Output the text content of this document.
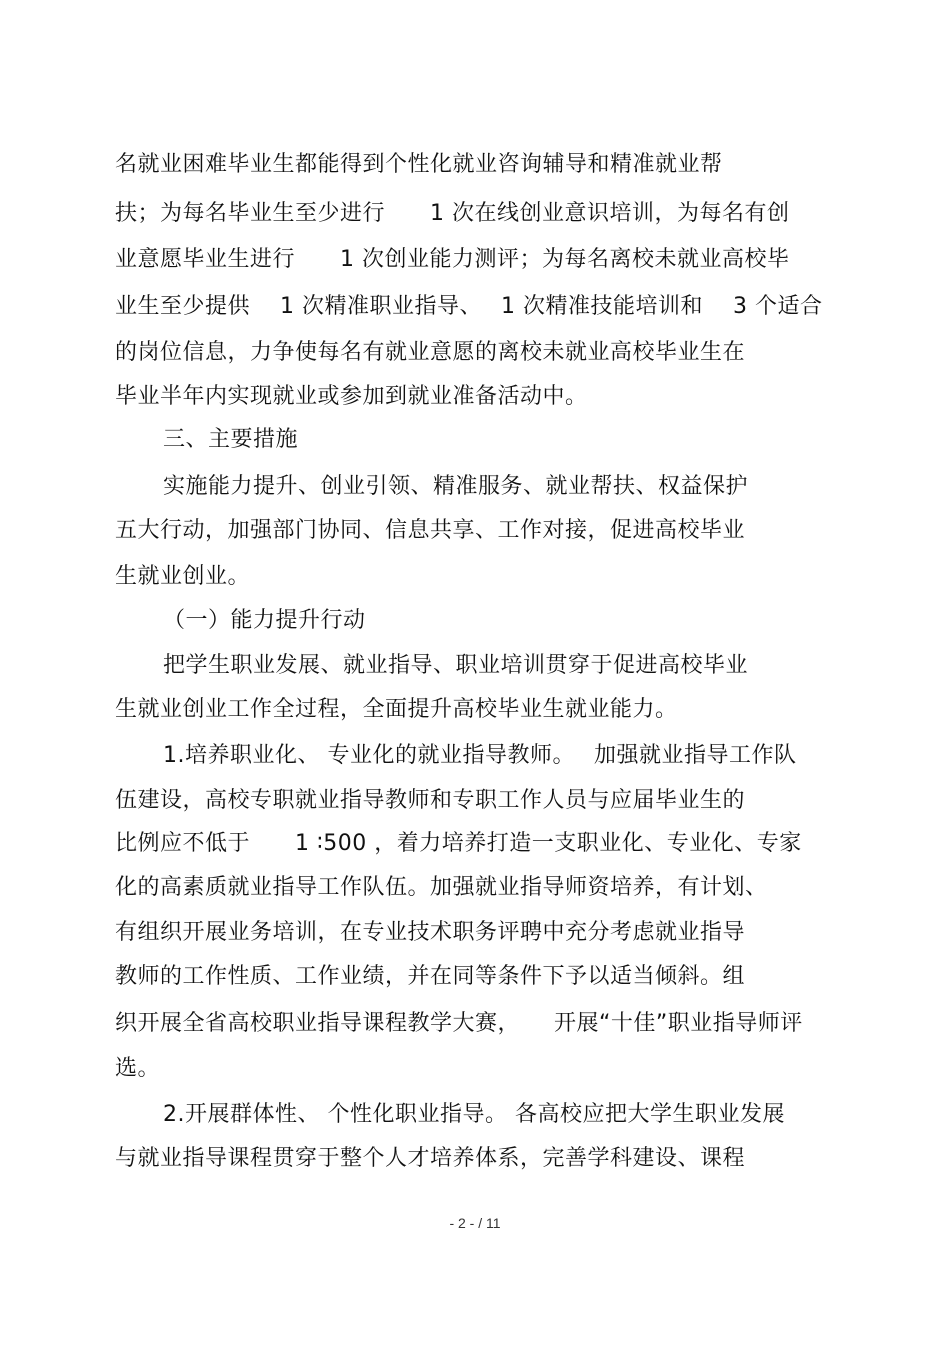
名就业困难毕业生都能得到个性化就业咨询辅导和精准就业帮
扶；为每名毕业生至少进行　　1 次在线创业意识培训，为每名有创
业意愿毕业生进行　　1 次创业能力测评；为每名离校未就业高校毕
业生至少提供　 1 次精准职业指导、　 1 次精准技能培训和　 3 个适合
的岗位信息，力争使每名有就业意愿的离校未就业高校毕业生在
毕业半年内实现就业或参加到就业准备活动中。
三、主要措施
实施能力提升、创业引领、精准服务、就业帮扶、权益保护
五大行动，加强部门协同、信息共享、工作对接，促进高校毕业
生就业创业。
（一）能力提升行动
把学生职业发展、就业指导、职业培训贯穿于促进高校毕业
生就业创业工作全过程，全面提升高校毕业生就业能力。
1.培养职业化、 专业化的就业指导教师。　 加强就业指导工作队
伍建设，高校专职就业指导教师和专职工作人员与应届毕业生的
比例应不低于　　1 ∶500 ，着力培养打造一支职业化、专业化、专家
化的高素质就业指导工作队伍。加强就业指导师资培养，有计划、
有组织开展业务培训，在专业技术职务评聘中充分考虑就业指导
教师的工作性质、工作业绩，并在同等条件下予以适当倾斜。组
织开展全省高校职业指导课程教学大赛，　　开展“十佳”职业指导师评
选。
2.开展群体性、 个性化职业指导。 各高校应把大学生职业发展
与就业指导课程贯穿于整个人才培养体系，完善学科建设、课程
- 2 - / 11
